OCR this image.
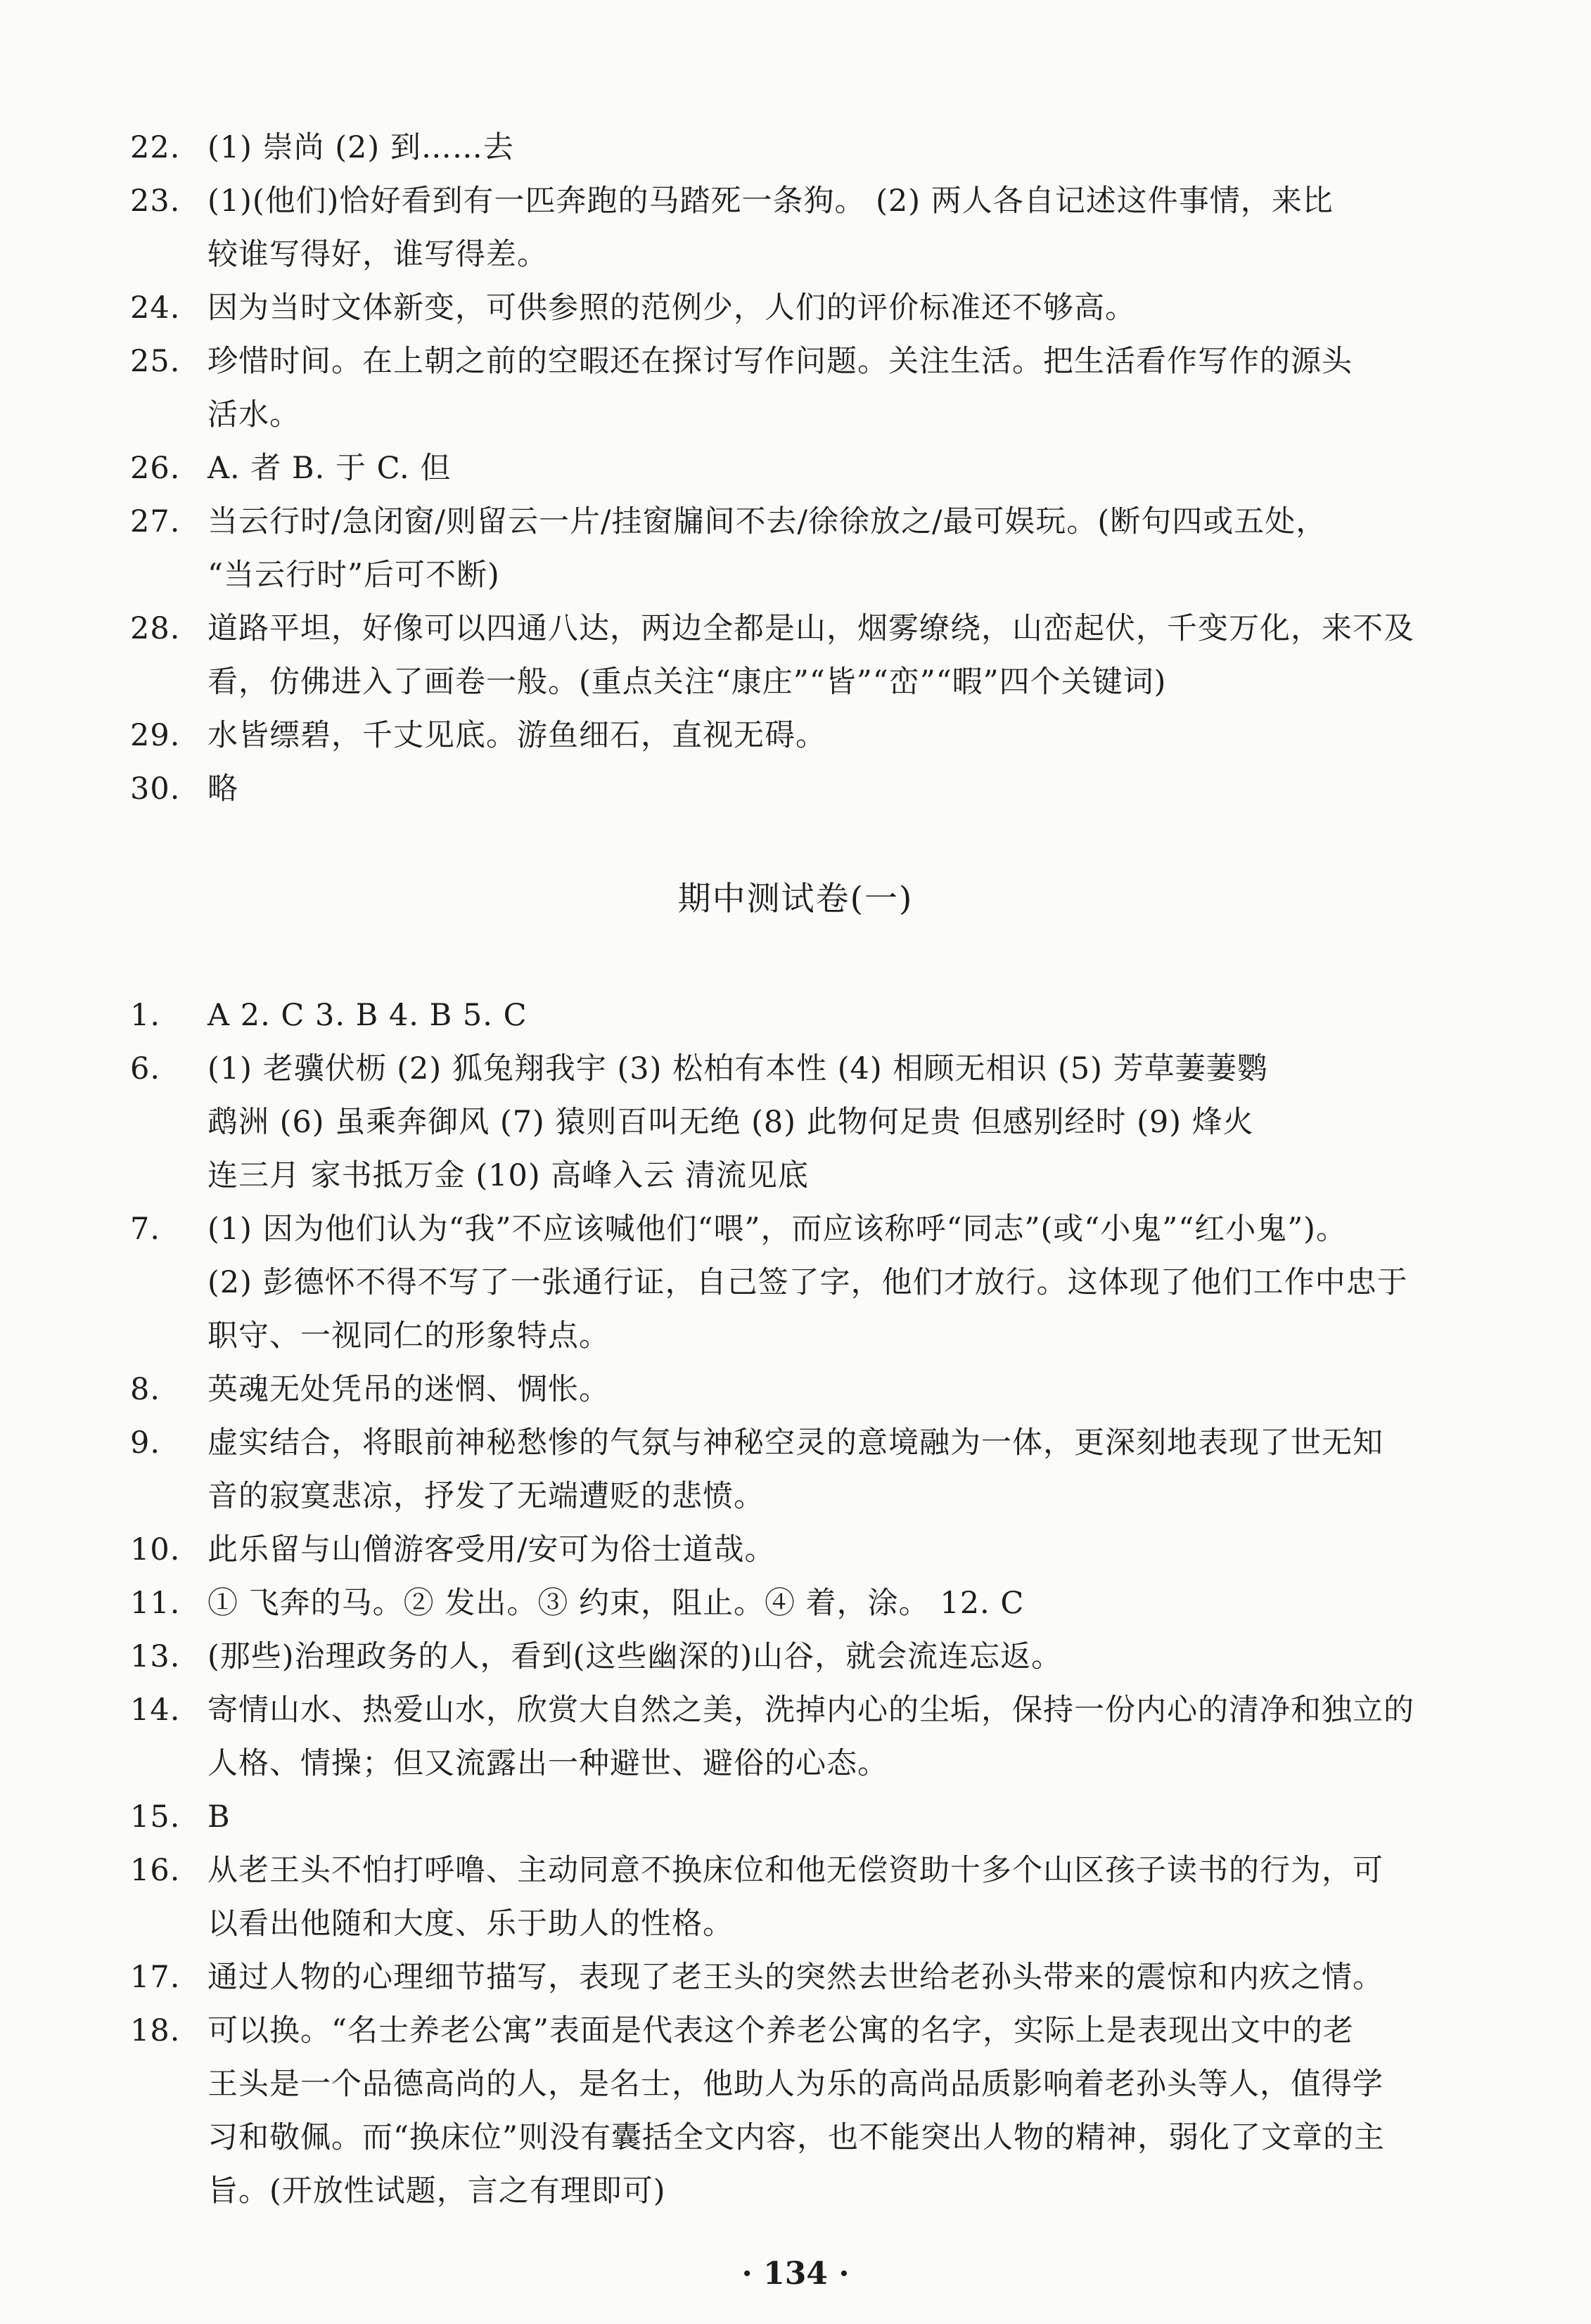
22. (1) 崇尚 (2) 到……去
23. (1)(他们)恰好看到有一匹奔跑的马踏死一条狗。 (2) 两人各自记述这件事情，来比
较谁写得好，谁写得差。
24. 因为当时文体新变，可供参照的范例少，人们的评价标准还不够高。
25. 珍惜时间。在上朝之前的空暇还在探讨写作问题。关注生活。把生活看作写作的源头
活水。
26. A. 者 B. 于 C. 但
27. 当云行时/急闭窗/则留云一片/挂窗牖间不去/徐徐放之/最可娱玩。(断句四或五处，
“当云行时”后可不断)
28. 道路平坦，好像可以四通八达，两边全都是山，烟雾缭绕，山峦起伏，千变万化，来不及
看，仿佛进入了画卷一般。(重点关注“康庄”“皆”“峦”“暇”四个关键词)
29. 水皆缥碧，千丈见底。游鱼细石，直视无碍。
30. 略
期中测试卷(一)
1.	A 2. C 3. B 4. B 5. C
6.	(1) 老骥伏枥 (2) 狐兔翔我宇 (3) 松柏有本性 (4) 相顾无相识 (5) 芳草萋萋鹦
鹉洲 (6) 虽乘奔御风 (7) 猿则百叫无绝 (8) 此物何足贵 但感别经时 (9) 烽火
连三月 家书抵万金 (10) 高峰入云 清流见底
7.	(1) 因为他们认为“我”不应该喊他们“喂”，而应该称呼“同志”(或“小鬼”“红小鬼”)。
(2) 彭德怀不得不写了一张通行证，自己签了字，他们才放行。这体现了他们工作中忠于
职守、一视同仁的形象特点。
8.	英魂无处凭吊的迷惘、惆怅。
9.	虚实结合，将眼前神秘愁惨的气氛与神秘空灵的意境融为一体，更深刻地表现了世无知
音的寂寞悲凉，抒发了无端遭贬的悲愤。
10. 此乐留与山僧游客受用/安可为俗士道哉。
11. ① 飞奔的马。② 发出。③ 约束，阻止。④ 着，涂。 12. C
13. (那些)治理政务的人，看到(这些幽深的)山谷，就会流连忘返。
14. 寄情山水、热爱山水，欣赏大自然之美，洗掉内心的尘垢，保持一份内心的清净和独立的
人格、情操；但又流露出一种避世、避俗的心态。
15. B
16. 从老王头不怕打呼噜、主动同意不换床位和他无偿资助十多个山区孩子读书的行为，可
以看出他随和大度、乐于助人的性格。
17. 通过人物的心理细节描写，表现了老王头的突然去世给老孙头带来的震惊和内疚之情。
18. 可以换。“名士养老公寓”表面是代表这个养老公寓的名字，实际上是表现出文中的老
王头是一个品德高尚的人，是名士，他助人为乐的高尚品质影响着老孙头等人，值得学
习和敬佩。而“换床位”则没有囊括全文内容，也不能突出人物的精神，弱化了文章的主
旨。(开放性试题，言之有理即可)
· 134 ·
